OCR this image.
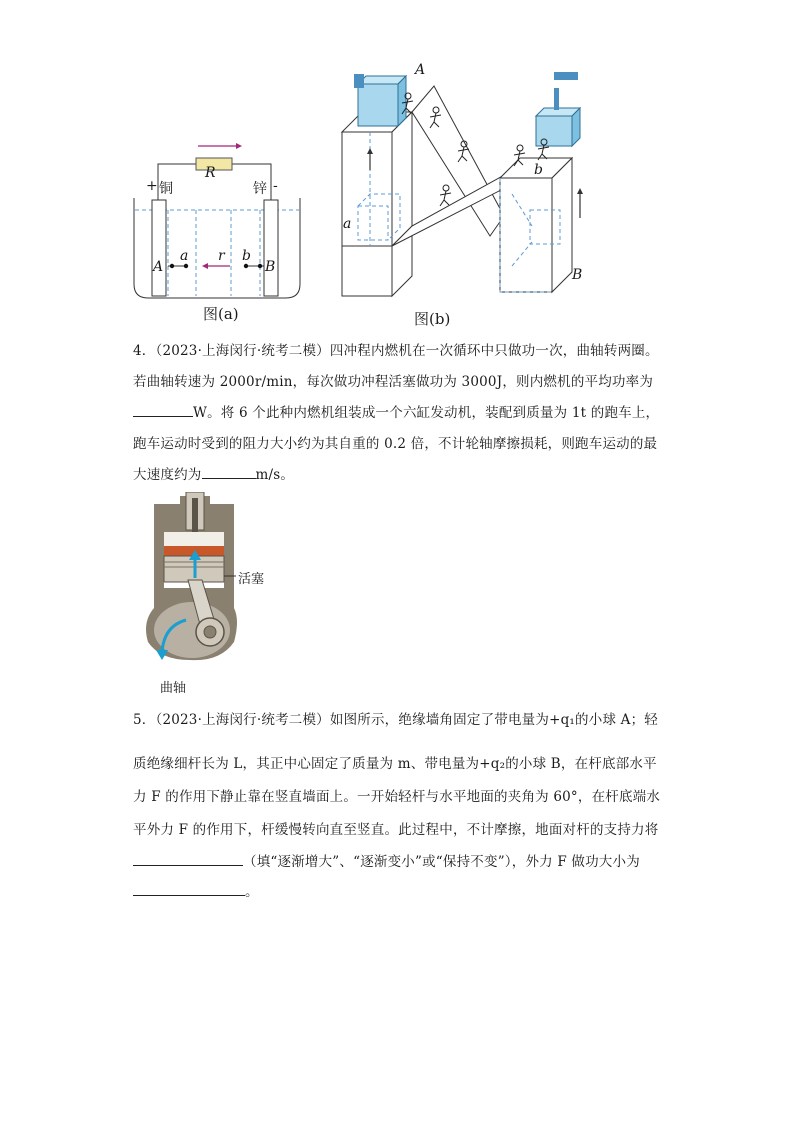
R
+ 铜	锌 -
A	B
a	b
r
图(a)
A
B
a
b
图(b)
4．（2023·上海闵行·统考二模）四冲程内燃机在一次循环中只做功一次，曲轴转两圈。
若曲轴转速为 2000r/min，每次做功冲程活塞做功为 3000J，则内燃机的平均功率为
W。将 6 个此种内燃机组装成一个六缸发动机，装配到质量为 1t 的跑车上，
跑车运动时受到的阻力大小约为其自重的 0.2 倍，不计轮轴摩擦损耗，则跑车运动的最
大速度约为	m/s。
活塞
曲轴
5．（2023·上海闵行·统考二模）如图所示，绝缘墙角固定了带电量为+q₁的小球 A；轻
质绝缘细杆长为 L，其正中心固定了质量为 m、带电量为+q₂的小球 B，在杆底部水平
力 F 的作用下静止靠在竖直墙面上。一开始轻杆与水平地面的夹角为 60°，在杆底端水
平外力 F 的作用下，杆缓慢转向直至竖直。此过程中，不计摩擦，地面对杆的支持力将
（填“逐渐增大”、“逐渐变小”或“保持不变”），外力 F 做功大小为
。
